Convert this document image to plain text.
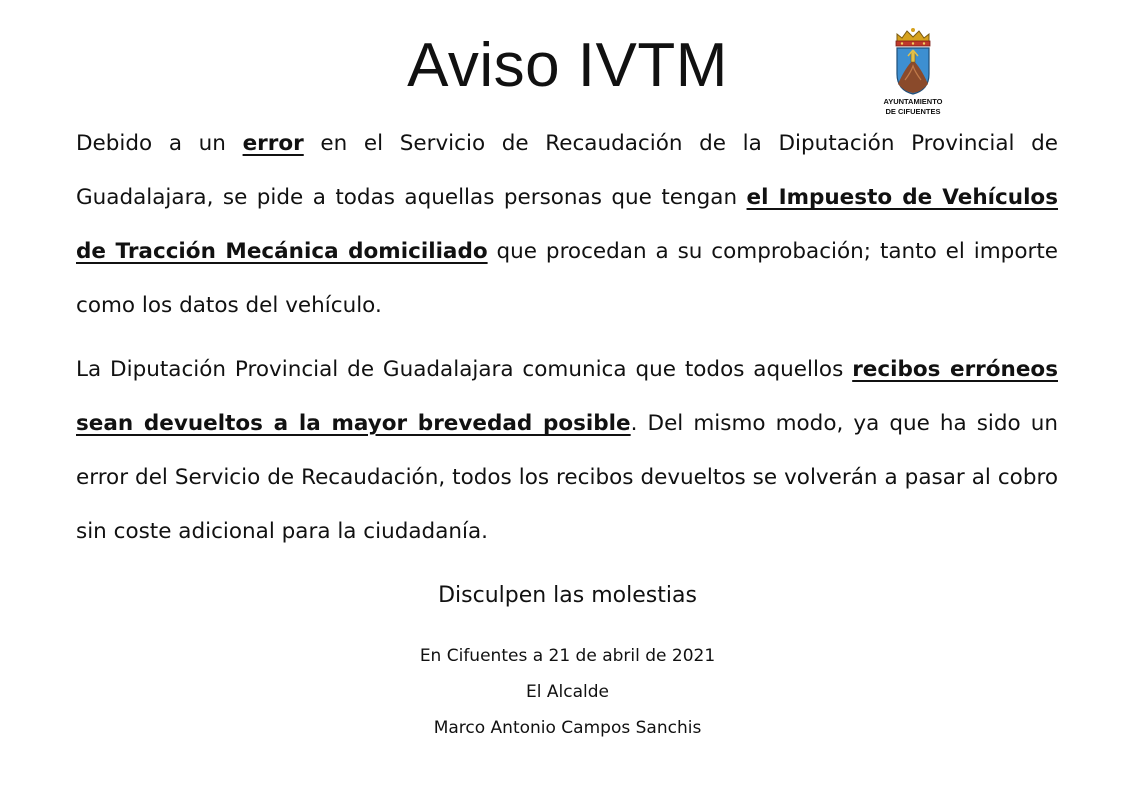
Aviso IVTM
AYUNTAMIENTO
DE CIFUENTES

Debido a un error en el Servicio de Recaudación de la Diputación Provincial de Guadalajara, se pide a todas aquellas personas que tengan el Impuesto de Vehículos de Tracción Mecánica domiciliado que procedan a su comprobación; tanto el importe como los datos del vehículo.

La Diputación Provincial de Guadalajara comunica que todos aquellos recibos erróneos sean devueltos a la mayor brevedad posible. Del mismo modo, ya que ha sido un error del Servicio de Recaudación, todos los recibos devueltos se volverán a pasar al cobro sin coste adicional para la ciudadanía.

Disculpen las molestias

En Cifuentes a 21 de abril de 2021

El Alcalde

Marco Antonio Campos Sanchis
